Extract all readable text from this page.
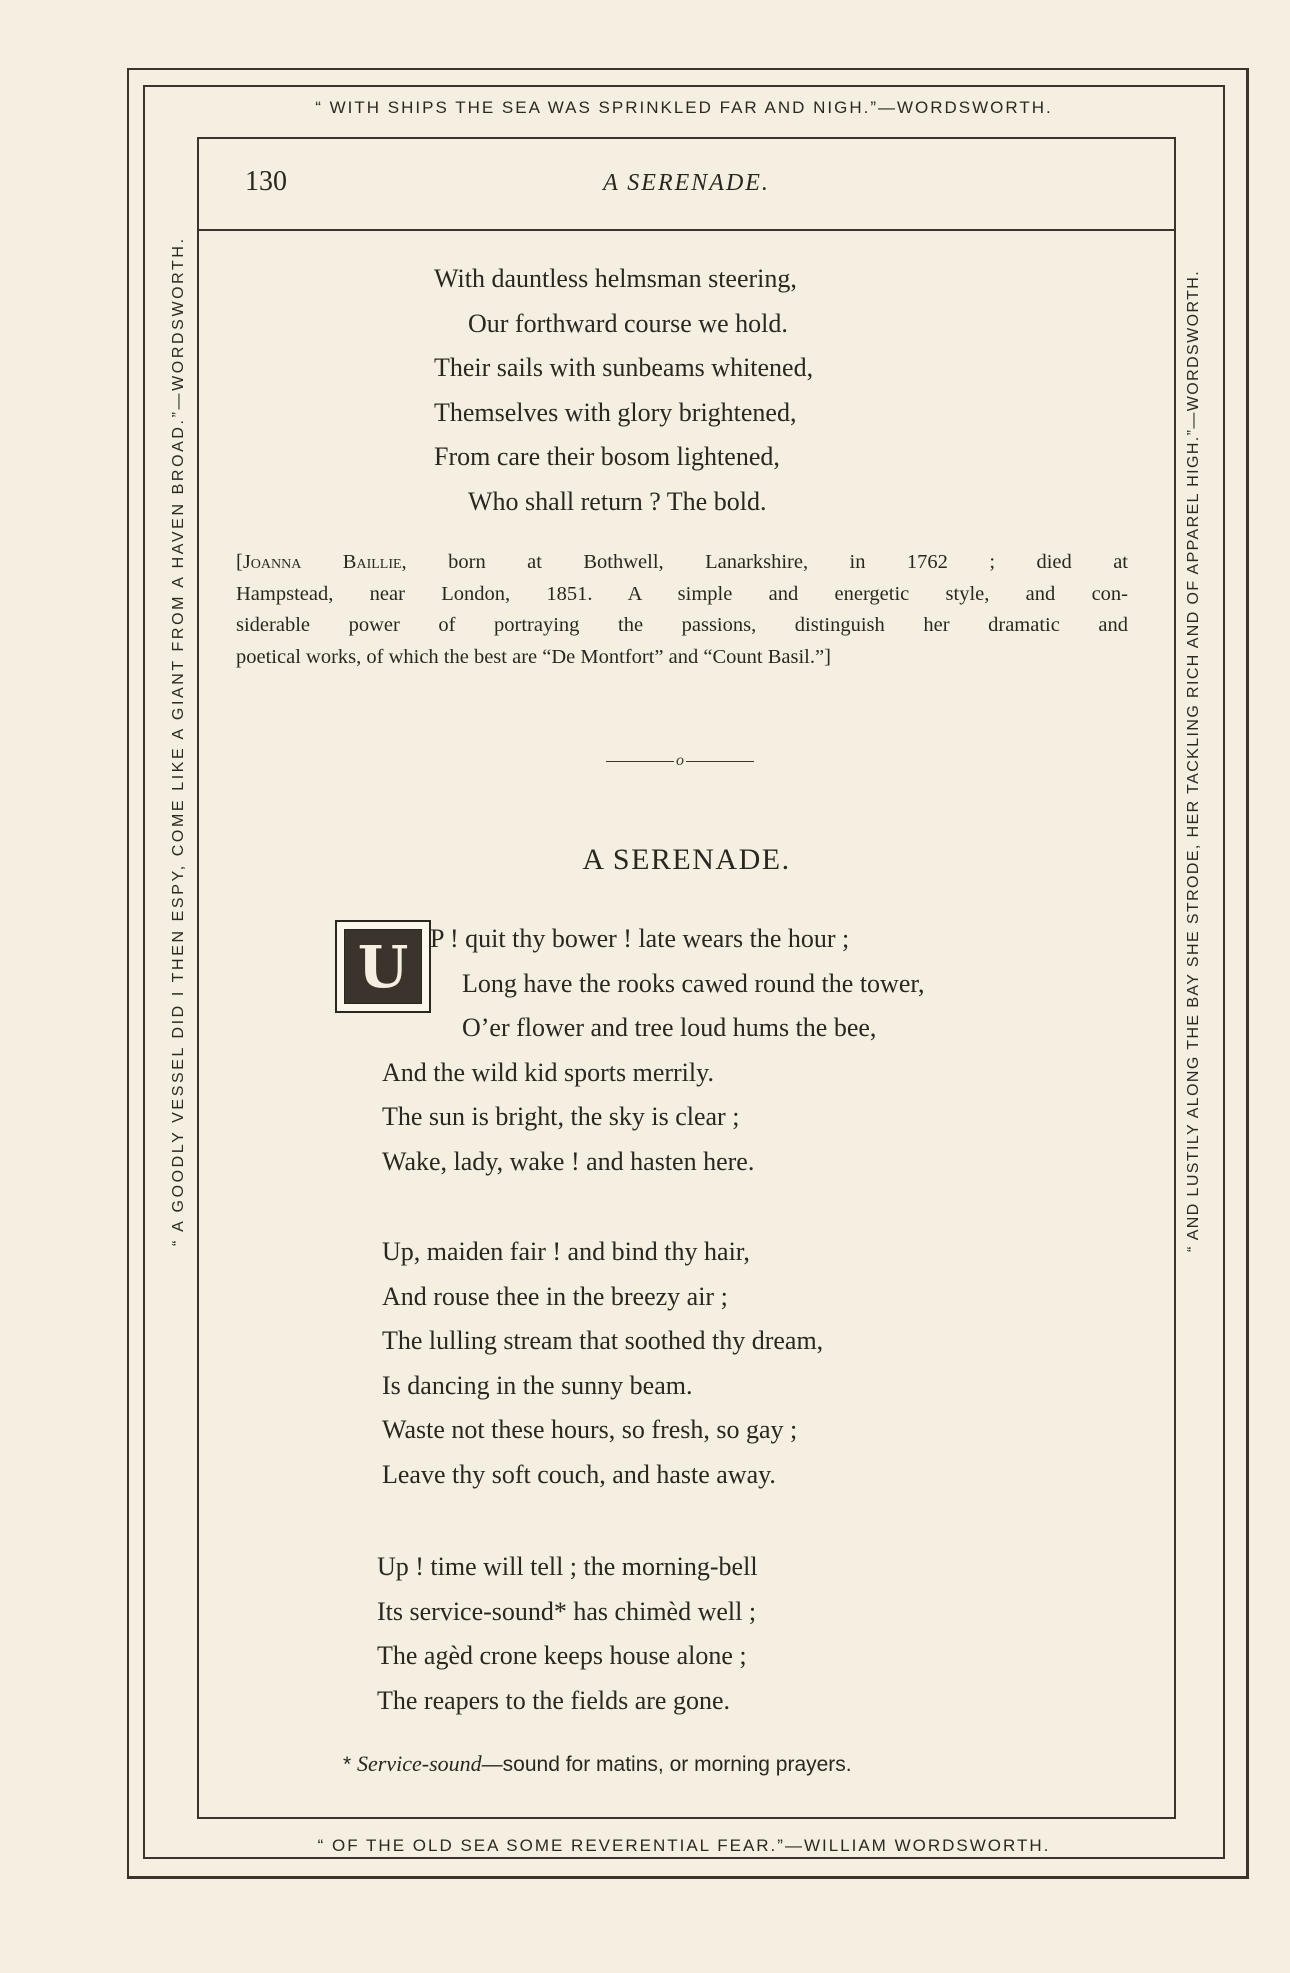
“ WITH SHIPS THE SEA WAS SPRINKLED FAR AND NIGH.”—WORDSWORTH.
“ A GOODLY VESSEL DID I THEN ESPY, COME LIKE A GIANT FROM A HAVEN BROAD.”—WORDSWORTH.	“ AND LUSTILY ALONG THE BAY SHE STRODE, HER TACKLING RICH AND OF APPAREL HIGH.”—WORDSWORTH.
“ OF THE OLD SEA SOME REVERENTIAL FEAR.”—WILLIAM WORDSWORTH.
130	A SERENADE.
With dauntless helmsman steering,
Our forthward course we hold.
Their sails with sunbeams whitened,
Themselves with glory brightened,
From care their bosom lightened,
Who shall return ? The bold.
[Joanna Baillie, born at Bothwell, Lanarkshire, in 1762 ; died at
Hampstead, near London, 1851. A simple and energetic style, and con-
siderable power of portraying the passions, distinguish her dramatic and
poetical works, of which the best are “De Montfort” and “Count Basil.”]
o
A SERENADE.
U P ! quit thy bower ! late wears the hour ;
Long have the rooks cawed round the tower,
O’er flower and tree loud hums the bee,
And the wild kid sports merrily.
The sun is bright, the sky is clear ;
Wake, lady, wake ! and hasten here.
Up, maiden fair ! and bind thy hair,
And rouse thee in the breezy air ;
The lulling stream that soothed thy dream,
Is dancing in the sunny beam.
Waste not these hours, so fresh, so gay ;
Leave thy soft couch, and haste away.
Up ! time will tell ; the morning-bell
Its service-sound* has chimèd well ;
The agèd crone keeps house alone ;
The reapers to the fields are gone.
* Service-sound—sound for matins, or morning prayers.
